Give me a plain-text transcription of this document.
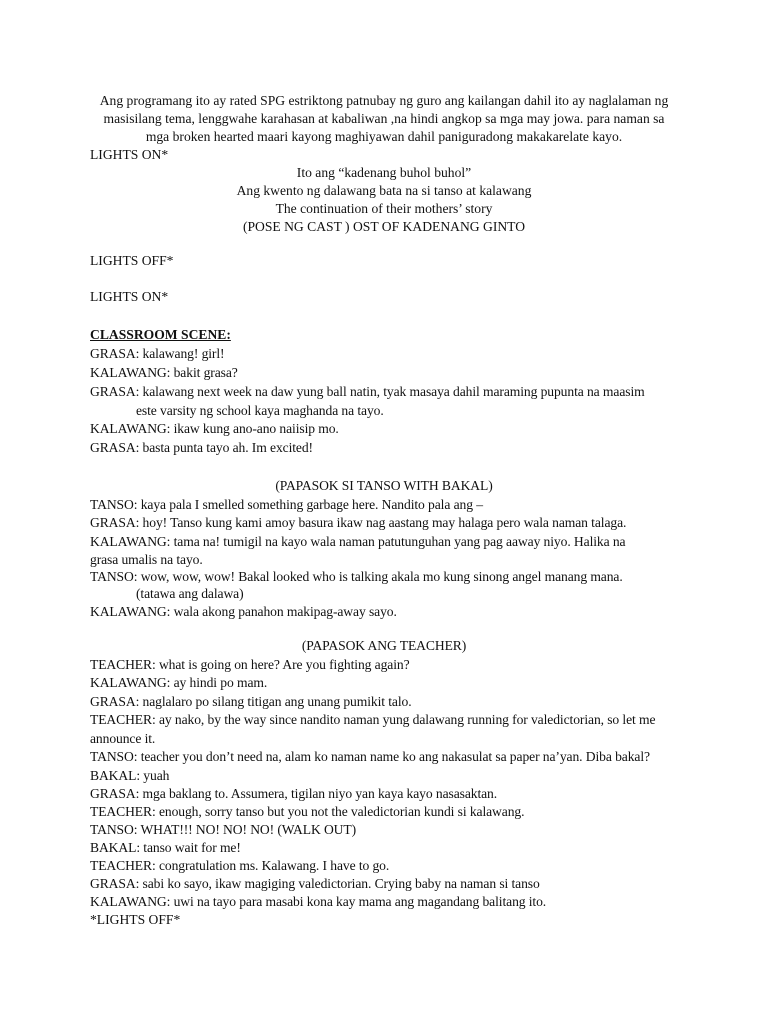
Ang programang ito ay rated SPG estriktong patnubay ng guro ang kailangan dahil ito ay naglalaman ng
masisilang tema, lenggwahe karahasan at kabaliwan ,na hindi angkop sa mga may jowa. para naman sa
mga broken hearted maari kayong maghiyawan dahil paniguradong makakarelate kayo.
LIGHTS ON*
Ito ang “kadenang buhol buhol”
Ang kwento ng dalawang bata na si tanso at kalawang
The continuation of their mothers’ story
(POSE NG CAST ) OST OF KADENANG GINTO
LIGHTS OFF*
LIGHTS ON*
CLASSROOM SCENE:
GRASA: kalawang! girl!
KALAWANG: bakit grasa?
GRASA: kalawang next week na daw yung ball natin, tyak masaya dahil maraming pupunta na maasim
este varsity ng school kaya maghanda na tayo.
KALAWANG: ikaw kung ano-ano naiisip mo.
GRASA: basta punta tayo ah. Im excited!
(PAPASOK SI TANSO WITH BAKAL)
TANSO: kaya pala I smelled something garbage here. Nandito pala ang –
GRASA: hoy! Tanso kung kami amoy basura ikaw nag aastang may halaga pero wala naman talaga.
KALAWANG: tama na! tumigil na kayo wala naman patutunguhan yang pag aaway niyo. Halika na
grasa umalis na tayo.
TANSO: wow, wow, wow! Bakal looked who is talking akala mo kung sinong angel manang mana.
(tatawa ang dalawa)
KALAWANG: wala akong panahon makipag-away sayo.
(PAPASOK ANG TEACHER)
TEACHER: what is going on here? Are you fighting again?
KALAWANG: ay hindi po mam.
GRASA: naglalaro po silang titigan ang unang pumikit talo.
TEACHER: ay nako, by the way since nandito naman yung dalawang running for valedictorian, so let me
announce it.
TANSO: teacher you don’t need na, alam ko naman name ko ang nakasulat sa paper na’yan. Diba bakal?
BAKAL: yuah
GRASA: mga baklang to. Assumera, tigilan niyo yan kaya kayo nasasaktan.
TEACHER: enough, sorry tanso but you not the valedictorian kundi si kalawang.
TANSO: WHAT!!! NO! NO! NO! (WALK OUT)
BAKAL: tanso wait for me!
TEACHER: congratulation ms. Kalawang. I have to go.
GRASA: sabi ko sayo, ikaw magiging valedictorian. Crying baby na naman si tanso
KALAWANG: uwi na tayo para masabi kona kay mama ang magandang balitang ito.
*LIGHTS OFF*
